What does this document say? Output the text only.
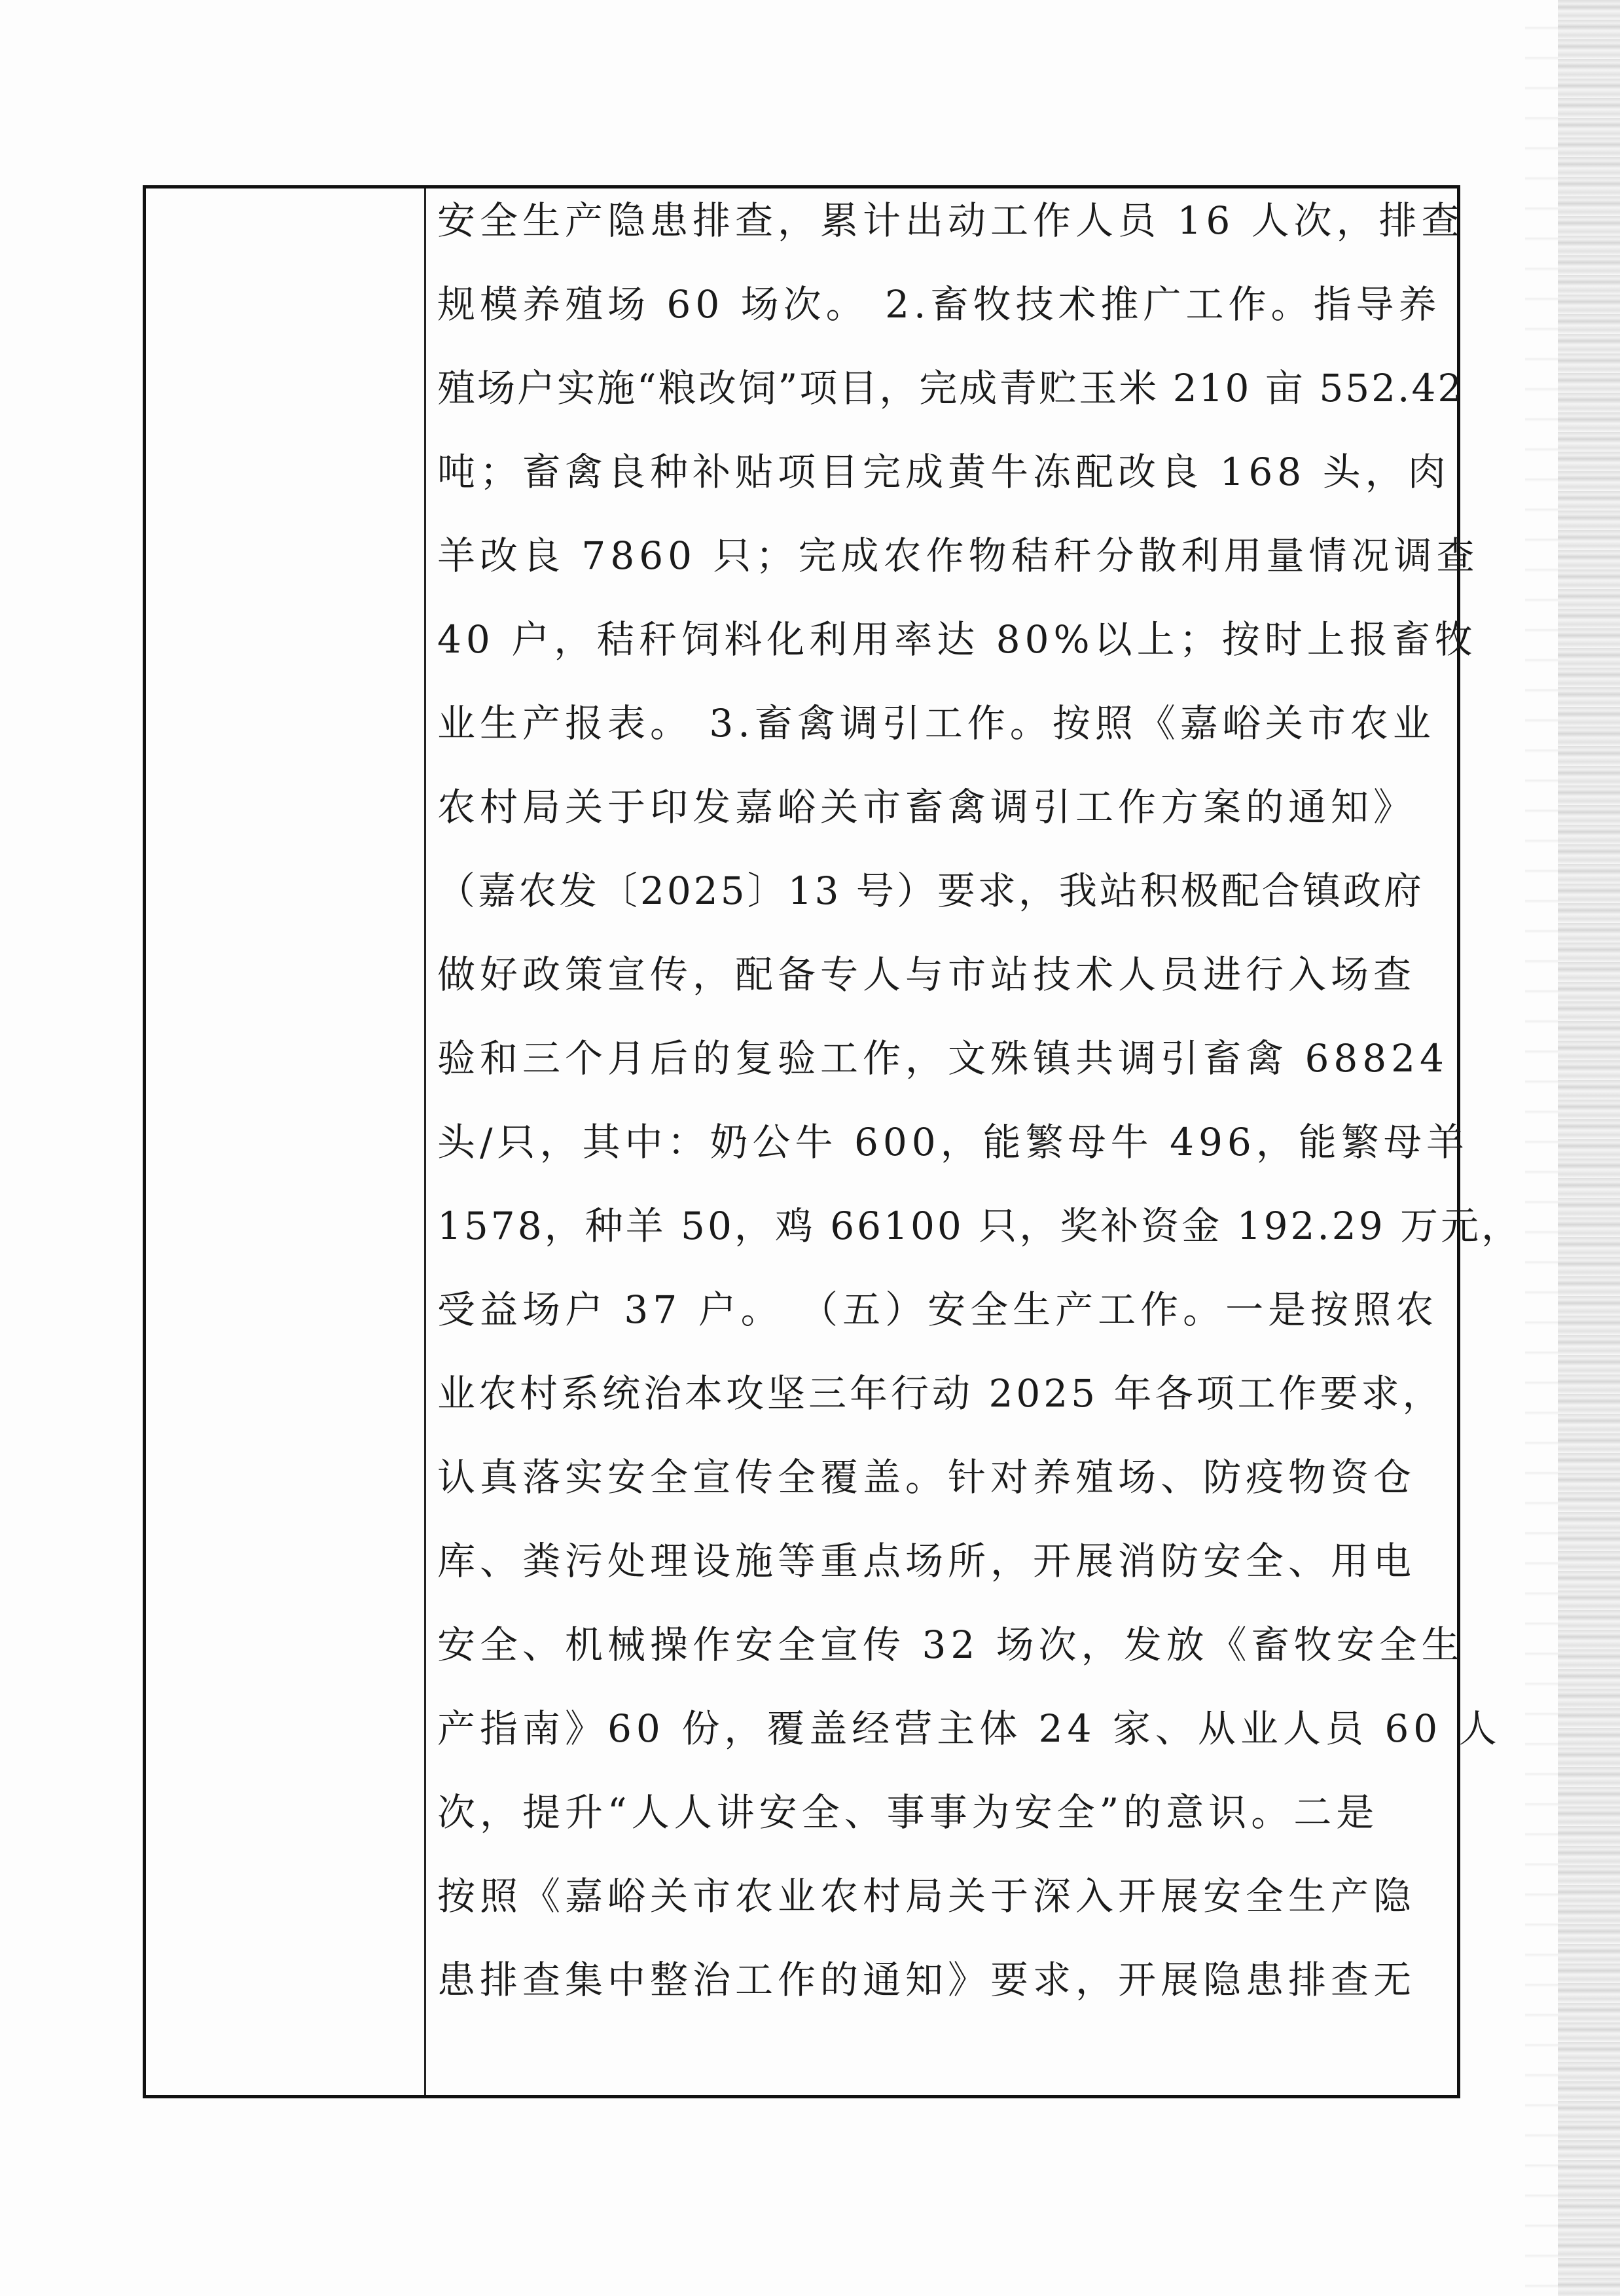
安全生产隐患排查，累计出动工作人员 16 人次，排查
规模养殖场 60 场次。 2.畜牧技术推广工作。指导养
殖场户实施“粮改饲”项目，完成青贮玉米 210 亩 552.42
吨；畜禽良种补贴项目完成黄牛冻配改良 168 头，肉
羊改良 7860 只；完成农作物秸秆分散利用量情况调查
40 户，秸秆饲料化利用率达 80%以上；按时上报畜牧
业生产报表。 3.畜禽调引工作。按照《嘉峪关市农业
农村局关于印发嘉峪关市畜禽调引工作方案的通知》
（嘉农发〔2025〕13 号）要求，我站积极配合镇政府
做好政策宣传，配备专人与市站技术人员进行入场查
验和三个月后的复验工作，文殊镇共调引畜禽 68824
头/只，其中：奶公牛 600，能繁母牛 496，能繁母羊
1578，种羊 50，鸡 66100 只，奖补资金 192.29 万元，
受益场户 37 户。 （五）安全生产工作。一是按照农
业农村系统治本攻坚三年行动 2025 年各项工作要求，
认真落实安全宣传全覆盖。针对养殖场、防疫物资仓
库、粪污处理设施等重点场所，开展消防安全、用电
安全、机械操作安全宣传 32 场次，发放《畜牧安全生
产指南》60 份，覆盖经营主体 24 家、从业人员 60 人
次，提升“人人讲安全、事事为安全”的意识。二是
按照《嘉峪关市农业农村局关于深入开展安全生产隐
患排查集中整治工作的通知》要求，开展隐患排查无
